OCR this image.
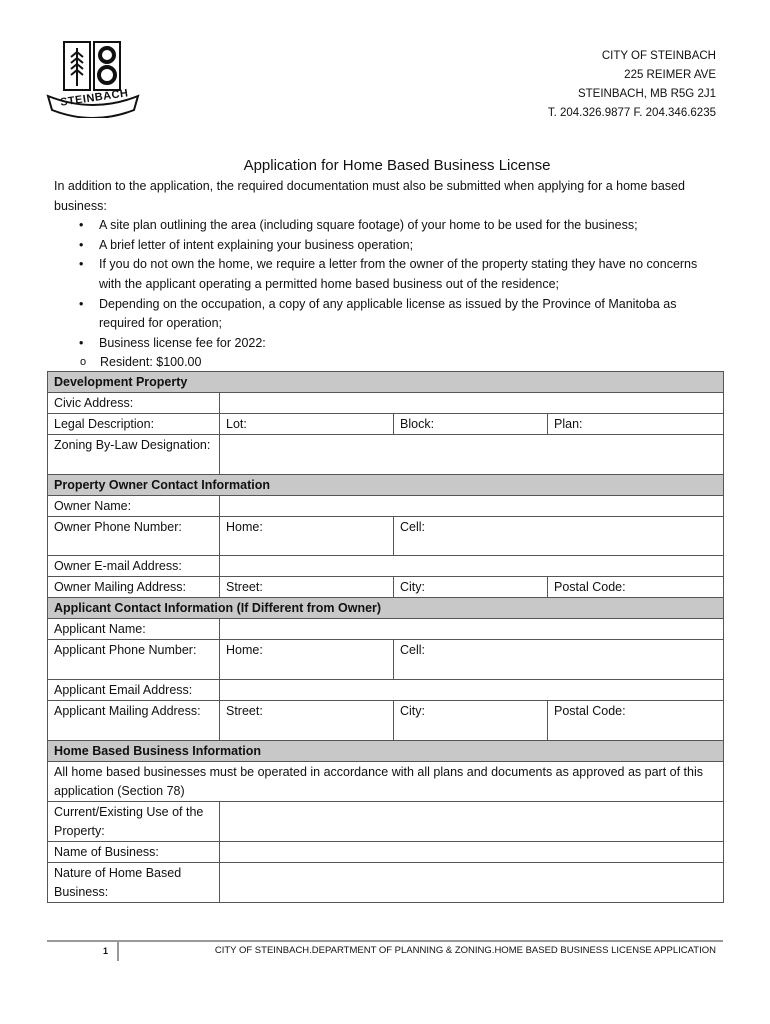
STEINBACH
CITY OF STEINBACH
225 REIMER AVE
STEINBACH, MB R5G 2J1
T. 204.326.9877 F. 204.346.6235
Application for Home Based Business License

In addition to the application, the required documentation must also be submitted when applying for a home based business:

• A site plan outlining the area (including square footage) of your home to be used for the business;
• A brief letter of intent explaining your business operation;
• If you do not own the home, we require a letter from the owner of the property stating they have no concerns with the applicant operating a permitted home based business out of the residence;
• Depending on the occupation, a copy of any applicable license as issued by the Province of Manitoba as required for operation;
• Business license fee for 2022:
o Resident: $100.00
Development Property			
Civic Address:			
Legal Description:	Lot:	Block:	Plan:
Zoning By-Law Designation:			
Property Owner Contact Information			
Owner Name:			
Owner Phone Number:	Home:	Cell:	
Owner E-mail Address:			
Owner Mailing Address:	Street:	City:	Postal Code:
Applicant Contact Information (If Different from Owner)			
Applicant Name:			
Applicant Phone Number:	Home:	Cell:	
Applicant Email Address:			
Applicant Mailing Address:	Street:	City:	Postal Code:
Home Based Business Information			
All home based businesses must be operated in accordance with all plans and documents as approved as part of this application (Section 78)			
Current/Existing Use of the Property:			
Name of Business:			
Nature of Home Based Business:			
1	CITY OF STEINBACH.DEPARTMENT OF PLANNING & ZONING.HOME BASED BUSINESS LICENSE APPLICATION
